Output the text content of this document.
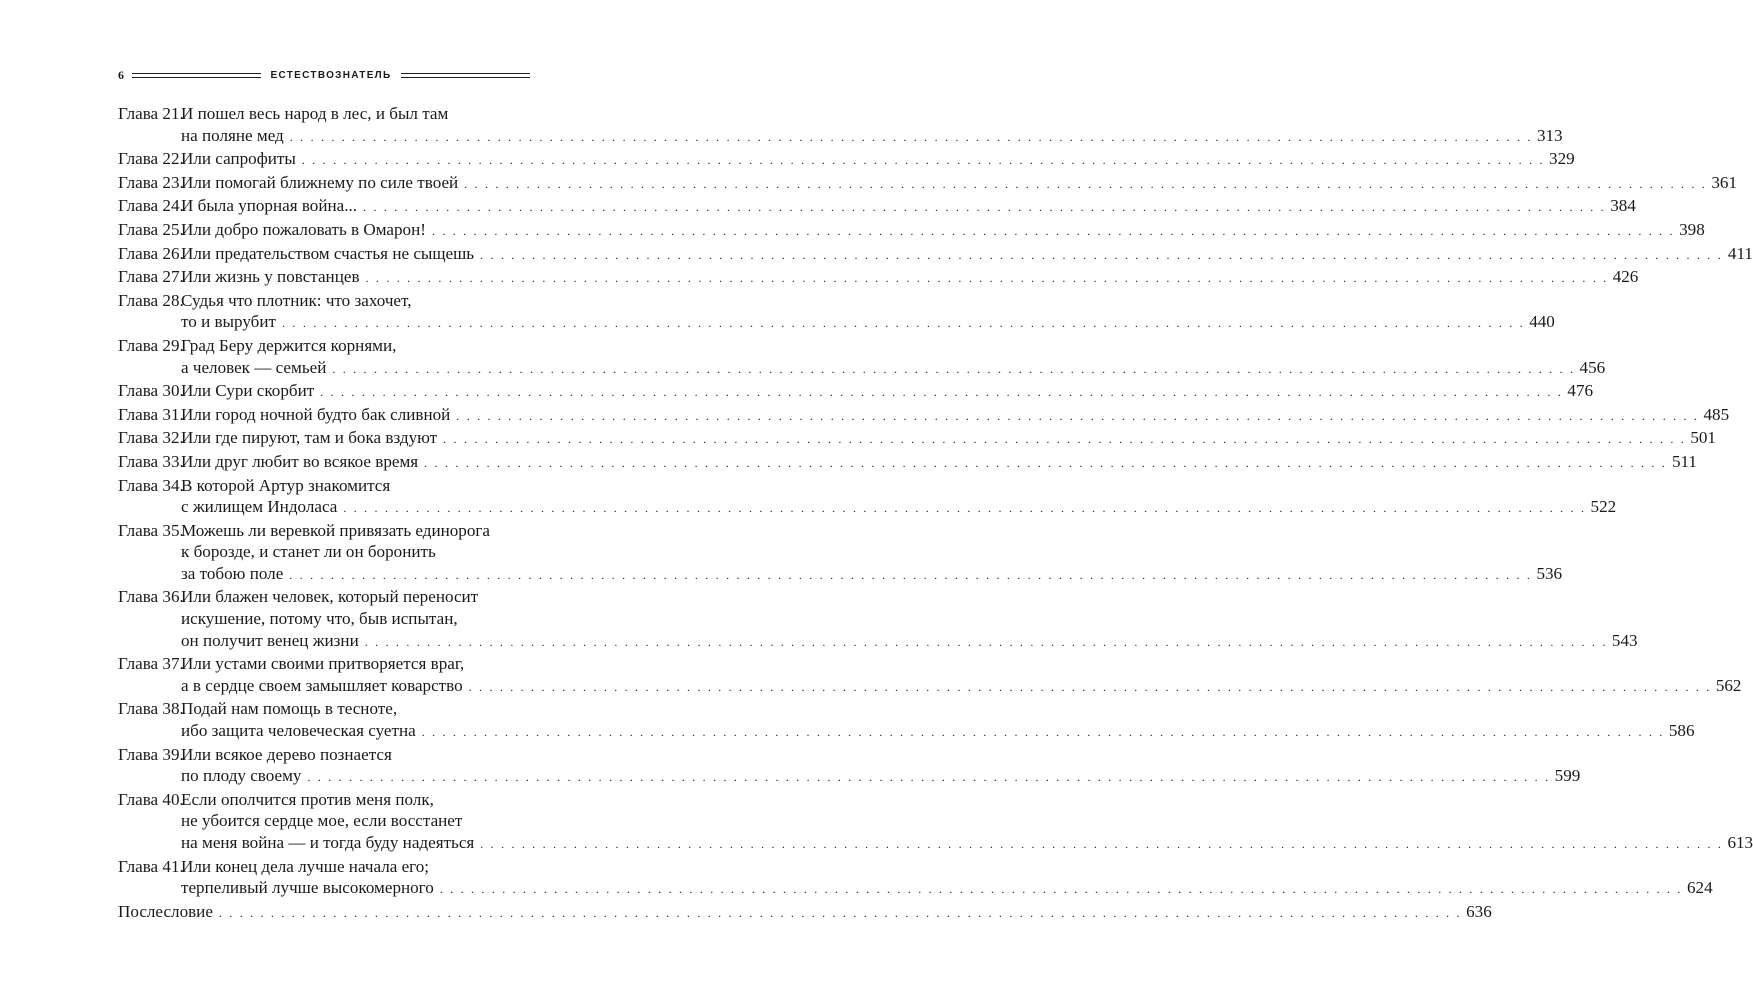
6	ЕСТЕСТВОЗНАТЕЛЬ
Глава 21.
И пошел весь народ в лес, и был там
на поляне мед . . . . . . . . . . . . . . . . . . . . . . . . . . . . . . . . . . . . . . . . . . . . . . . . . . . . . . . . . . . . . . . . . . . . . . . . . . . . . . . . . . . . . . . . . . . . . . . . . . . . . . . . . . . . . . . . . . . . . . . . 313
Глава 22.
Или сапрофиты . . . . . . . . . . . . . . . . . . . . . . . . . . . . . . . . . . . . . . . . . . . . . . . . . . . . . . . . . . . . . . . . . . . . . . . . . . . . . . . . . . . . . . . . . . . . . . . . . . . . . . . . . . . . . . . . . . . . . . . . 329
Глава 23.
Или помогай ближнему по силе твоей . . . . . . . . . . . . . . . . . . . . . . . . . . . . . . . . . . . . . . . . . . . . . . . . . . . . . . . . . . . . . . . . . . . . . . . . . . . . . . . . . . . . . . . . . . . . . . . . . . . . . . . . . . . . . . . . . . . . . . . . 361
Глава 24.
И была упорная война... . . . . . . . . . . . . . . . . . . . . . . . . . . . . . . . . . . . . . . . . . . . . . . . . . . . . . . . . . . . . . . . . . . . . . . . . . . . . . . . . . . . . . . . . . . . . . . . . . . . . . . . . . . . . . . . . . . . . . . . . 384
Глава 25.
Или добро пожаловать в Омарон! . . . . . . . . . . . . . . . . . . . . . . . . . . . . . . . . . . . . . . . . . . . . . . . . . . . . . . . . . . . . . . . . . . . . . . . . . . . . . . . . . . . . . . . . . . . . . . . . . . . . . . . . . . . . . . . . . . . . . . . . 398
Глава 26.
Или предательством счастья не сыщешь . . . . . . . . . . . . . . . . . . . . . . . . . . . . . . . . . . . . . . . . . . . . . . . . . . . . . . . . . . . . . . . . . . . . . . . . . . . . . . . . . . . . . . . . . . . . . . . . . . . . . . . . . . . . . . . . . . . . . . . . 411
Глава 27.
Или жизнь у повстанцев . . . . . . . . . . . . . . . . . . . . . . . . . . . . . . . . . . . . . . . . . . . . . . . . . . . . . . . . . . . . . . . . . . . . . . . . . . . . . . . . . . . . . . . . . . . . . . . . . . . . . . . . . . . . . . . . . . . . . . . . 426
Глава 28.
Судья что плотник: что захочет,
то и вырубит . . . . . . . . . . . . . . . . . . . . . . . . . . . . . . . . . . . . . . . . . . . . . . . . . . . . . . . . . . . . . . . . . . . . . . . . . . . . . . . . . . . . . . . . . . . . . . . . . . . . . . . . . . . . . . . . . . . . . . . . 440
Глава 29.
Град Беру держится корнями,
а человек — семьей . . . . . . . . . . . . . . . . . . . . . . . . . . . . . . . . . . . . . . . . . . . . . . . . . . . . . . . . . . . . . . . . . . . . . . . . . . . . . . . . . . . . . . . . . . . . . . . . . . . . . . . . . . . . . . . . . . . . . . . . 456
Глава 30.
Или Сури скорбит . . . . . . . . . . . . . . . . . . . . . . . . . . . . . . . . . . . . . . . . . . . . . . . . . . . . . . . . . . . . . . . . . . . . . . . . . . . . . . . . . . . . . . . . . . . . . . . . . . . . . . . . . . . . . . . . . . . . . . . . 476
Глава 31.
Или город ночной будто бак сливной . . . . . . . . . . . . . . . . . . . . . . . . . . . . . . . . . . . . . . . . . . . . . . . . . . . . . . . . . . . . . . . . . . . . . . . . . . . . . . . . . . . . . . . . . . . . . . . . . . . . . . . . . . . . . . . . . . . . . . . . 485
Глава 32.
Или где пируют, там и бока вздуют . . . . . . . . . . . . . . . . . . . . . . . . . . . . . . . . . . . . . . . . . . . . . . . . . . . . . . . . . . . . . . . . . . . . . . . . . . . . . . . . . . . . . . . . . . . . . . . . . . . . . . . . . . . . . . . . . . . . . . . . 501
Глава 33.
Или друг любит во всякое время . . . . . . . . . . . . . . . . . . . . . . . . . . . . . . . . . . . . . . . . . . . . . . . . . . . . . . . . . . . . . . . . . . . . . . . . . . . . . . . . . . . . . . . . . . . . . . . . . . . . . . . . . . . . . . . . . . . . . . . . 511
Глава 34.
В которой Артур знакомится
с жилищем Индоласа . . . . . . . . . . . . . . . . . . . . . . . . . . . . . . . . . . . . . . . . . . . . . . . . . . . . . . . . . . . . . . . . . . . . . . . . . . . . . . . . . . . . . . . . . . . . . . . . . . . . . . . . . . . . . . . . . . . . . . . . 522
Глава 35.
Можешь ли веревкой привязать единорога
к борозде, и станет ли он боронить
за тобою поле . . . . . . . . . . . . . . . . . . . . . . . . . . . . . . . . . . . . . . . . . . . . . . . . . . . . . . . . . . . . . . . . . . . . . . . . . . . . . . . . . . . . . . . . . . . . . . . . . . . . . . . . . . . . . . . . . . . . . . . . 536
Глава 36.
Или блажен человек, который переносит
искушение, потому что, быв испытан,
он получит венец жизни . . . . . . . . . . . . . . . . . . . . . . . . . . . . . . . . . . . . . . . . . . . . . . . . . . . . . . . . . . . . . . . . . . . . . . . . . . . . . . . . . . . . . . . . . . . . . . . . . . . . . . . . . . . . . . . . . . . . . . . . 543
Глава 37.
Или устами своими притворяется враг,
а в сердце своем замышляет коварство . . . . . . . . . . . . . . . . . . . . . . . . . . . . . . . . . . . . . . . . . . . . . . . . . . . . . . . . . . . . . . . . . . . . . . . . . . . . . . . . . . . . . . . . . . . . . . . . . . . . . . . . . . . . . . . . . . . . . . . . 562
Глава 38.
Подай нам помощь в тесноте,
ибо защита человеческая суетна . . . . . . . . . . . . . . . . . . . . . . . . . . . . . . . . . . . . . . . . . . . . . . . . . . . . . . . . . . . . . . . . . . . . . . . . . . . . . . . . . . . . . . . . . . . . . . . . . . . . . . . . . . . . . . . . . . . . . . . . 586
Глава 39.
Или всякое дерево познается
по плоду своему . . . . . . . . . . . . . . . . . . . . . . . . . . . . . . . . . . . . . . . . . . . . . . . . . . . . . . . . . . . . . . . . . . . . . . . . . . . . . . . . . . . . . . . . . . . . . . . . . . . . . . . . . . . . . . . . . . . . . . . . 599
Глава 40.
Если ополчится против меня полк,
не убоится сердце мое, если восстанет
на меня война — и тогда буду надеяться . . . . . . . . . . . . . . . . . . . . . . . . . . . . . . . . . . . . . . . . . . . . . . . . . . . . . . . . . . . . . . . . . . . . . . . . . . . . . . . . . . . . . . . . . . . . . . . . . . . . . . . . . . . . . . . . . . . . . . . . 613
Глава 41.
Или конец дела лучше начала его;
терпеливый лучше высокомерного . . . . . . . . . . . . . . . . . . . . . . . . . . . . . . . . . . . . . . . . . . . . . . . . . . . . . . . . . . . . . . . . . . . . . . . . . . . . . . . . . . . . . . . . . . . . . . . . . . . . . . . . . . . . . . . . . . . . . . . . 624
Послесловие . . . . . . . . . . . . . . . . . . . . . . . . . . . . . . . . . . . . . . . . . . . . . . . . . . . . . . . . . . . . . . . . . . . . . . . . . . . . . . . . . . . . . . . . . . . . . . . . . . . . . . . . . . . . . . . . . . . . . . . . 636
